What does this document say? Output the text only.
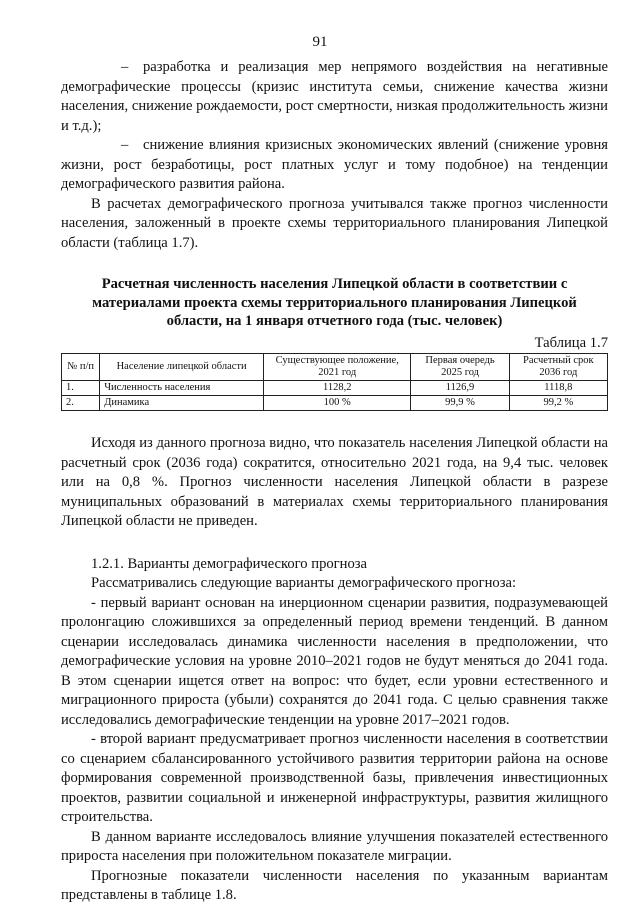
91

– разработка и реализация мер непрямого воздействия на негативные демографические процессы (кризис института семьи, снижение качества жизни населения, снижение рождаемости, рост смертности, низкая продолжительность жизни и т.д.);

– снижение влияния кризисных экономических явлений (снижение уровня жизни, рост безработицы, рост платных услуг и тому подобное) на тенденции демографического развития района.

В расчетах демографического прогноза учитывался также прогноз численности населения, заложенный в проекте схемы территориального планирования Липецкой области (таблица 1.7).

Расчетная численность населения Липецкой области в соответствии с материалами проекта схемы территориального планирования Липецкой области, на 1 января отчетного года (тыс. человек)

Таблица 1.7
№ п/п	Население липецкой области	Существующее положение, 2021 год	Первая очередь 2025 год	Расчетный срок 2036 год
1.	Численность населения	1128,2	1126,9	1118,8
2.	Динамика	100 %	99,9 %	99,2 %

Исходя из данного прогноза видно, что показатель населения Липецкой области на расчетный срок (2036 года) сократится, относительно 2021 года, на 9,4 тыс. человек или на 0,8 %. Прогноз численности населения Липецкой области в разрезе муниципальных образований в материалах схемы территориального планирования Липецкой области не приведен.

1.2.1. Варианты демографического прогноза

Рассматривались следующие варианты демографического прогноза:

- первый вариант основан на инерционном сценарии развития, подразумевающей пролонгацию сложившихся за определенный период времени тенденций. В данном сценарии исследовалась динамика численности населения в предположении, что демографические условия на уровне 2010–2021 годов не будут меняться до 2041 года. В этом сценарии ищется ответ на вопрос: что будет, если уровни естественного и миграционного прироста (убыли) сохранятся до 2041 года. С целью сравнения также исследовались демографические тенденции на уровне 2017–2021 годов.

- второй вариант предусматривает прогноз численности населения в соответствии со сценарием сбалансированного устойчивого развития территории района на основе формирования современной производственной базы, привлечения инвестиционных проектов, развитии социальной и инженерной инфраструктуры, развития жилищного строительства.

В данном варианте исследовалось влияние улучшения показателей естественного прироста населения при положительном показателе миграции.

Прогнозные показатели численности населения по указанным вариантам представлены в таблице 1.8.
